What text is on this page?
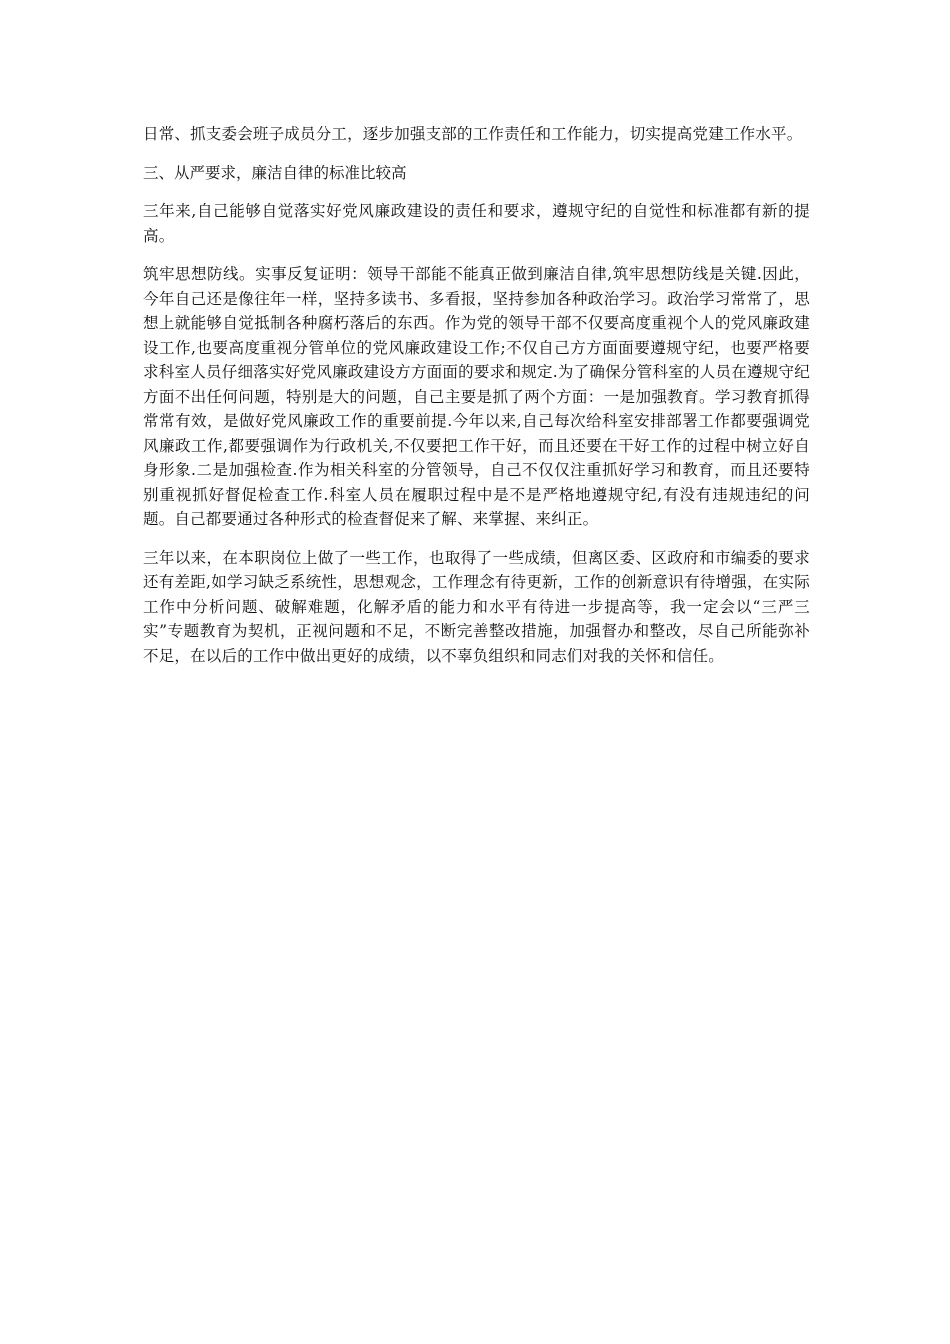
日常、抓支委会班子成员分工，逐步加强支部的工作责任和工作能力，切实提高党建工作水平。

三、从严要求，廉洁自律的标准比较高

三年来,自己能够自觉落实好党风廉政建设的责任和要求，遵规守纪的自觉性和标准都有新的提高。

筑牢思想防线。实事反复证明：领导干部能不能真正做到廉洁自律,筑牢思想防线是关键.因此，今年自己还是像往年一样，坚持多读书、多看报，坚持参加各种政治学习。政治学习常常了，思想上就能够自觉抵制各种腐朽落后的东西。作为党的领导干部不仅要高度重视个人的党风廉政建设工作,也要高度重视分管单位的党风廉政建设工作;不仅自己方方面面要遵规守纪，也要严格要求科室人员仔细落实好党风廉政建设方方面面的要求和规定.为了确保分管科室的人员在遵规守纪方面不出任何问题，特别是大的问题，自己主要是抓了两个方面：一是加强教育。学习教育抓得常常有效，是做好党风廉政工作的重要前提.今年以来,自己每次给科室安排部署工作都要强调党风廉政工作,都要强调作为行政机关,不仅要把工作干好，而且还要在干好工作的过程中树立好自身形象.二是加强检查.作为相关科室的分管领导，自己不仅仅注重抓好学习和教育，而且还要特别重视抓好督促检查工作.科室人员在履职过程中是不是严格地遵规守纪,有没有违规违纪的问题。自己都要通过各种形式的检查督促来了解、来掌握、来纠正。

三年以来，在本职岗位上做了一些工作，也取得了一些成绩，但离区委、区政府和市编委的要求还有差距,如学习缺乏系统性，思想观念，工作理念有待更新，工作的创新意识有待增强，在实际工作中分析问题、破解难题，化解矛盾的能力和水平有待进一步提高等，我一定会以“三严三实”专题教育为契机，正视问题和不足，不断完善整改措施，加强督办和整改，尽自己所能弥补不足，在以后的工作中做出更好的成绩，以不辜负组织和同志们对我的关怀和信任。
